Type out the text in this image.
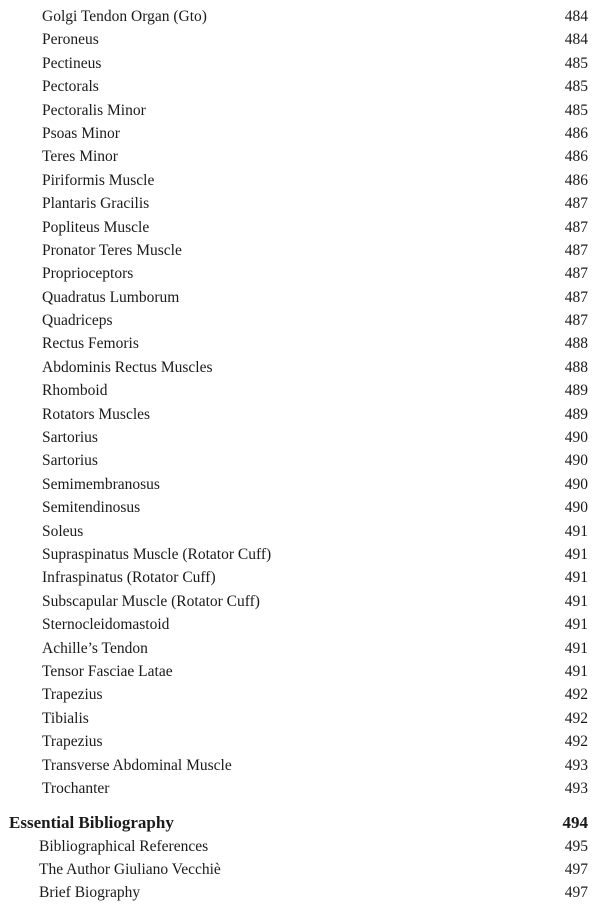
Golgi Tendon Organ (Gto)	484
Peroneus	484
Pectineus	485
Pectorals	485
Pectoralis Minor	485
Psoas Minor	486
Teres Minor	486
Piriformis Muscle	486
Plantaris Gracilis	487
Popliteus Muscle	487
Pronator Teres Muscle	487
Proprioceptors	487
Quadratus Lumborum	487
Quadriceps	487
Rectus Femoris	488
Abdominis Rectus Muscles	488
Rhomboid	489
Rotators Muscles	489
Sartorius	490
Sartorius	490
Semimembranosus	490
Semitendinosus	490
Soleus	491
Supraspinatus Muscle (Rotator Cuff)	491
Infraspinatus (Rotator Cuff)	491
Subscapular Muscle (Rotator Cuff)	491
Sternocleidomastoid	491
Achille’s Tendon	491
Tensor Fasciae Latae	491
Trapezius	492
Tibialis	492
Trapezius	492
Transverse Abdominal Muscle	493
Trochanter	493
Essential Bibliography	494
Bibliographical References	495
The Author Giuliano Vecchiè	497
Brief Biography	497
